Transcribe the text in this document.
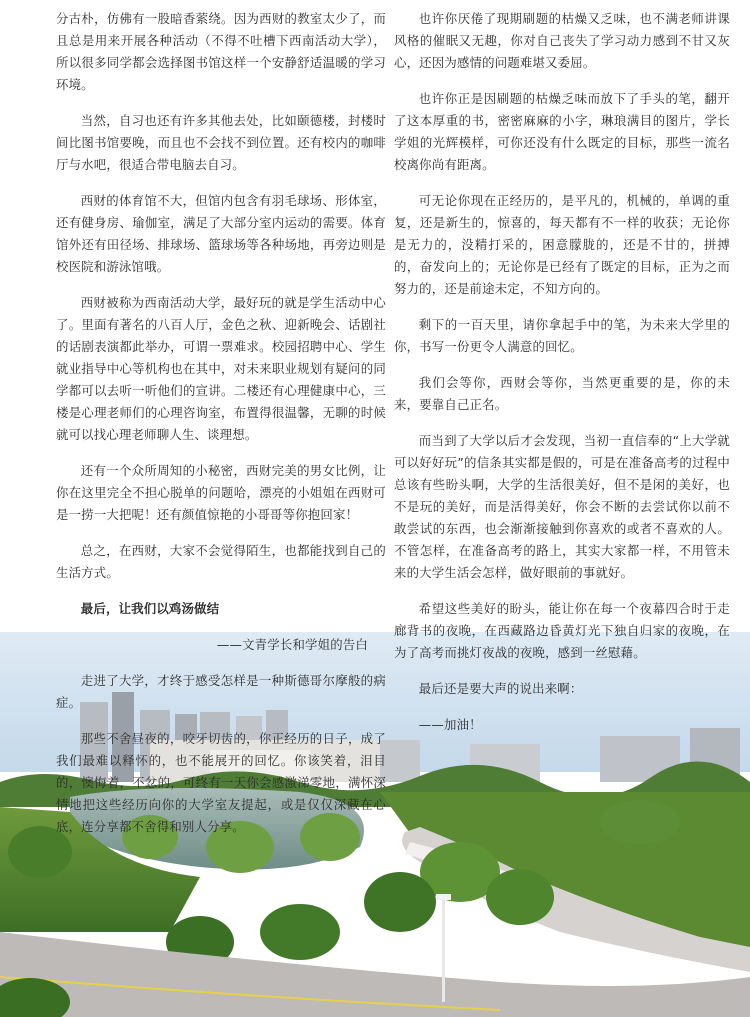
分古朴，仿佛有一股暗香萦绕。因为西财的教室太少了，而且总是用来开展各种活动（不得不吐槽下西南活动大学），所以很多同学都会选择图书馆这样一个安静舒适温暖的学习环境。

当然，自习也还有许多其他去处，比如颐德楼，封楼时间比图书馆要晚，而且也不会找不到位置。还有校内的咖啡厅与水吧，很适合带电脑去自习。

西财的体育馆不大，但馆内包含有羽毛球场、形体室，还有健身房、瑜伽室，满足了大部分室内运动的需要。体育馆外还有田径场、排球场、篮球场等各种场地，再旁边则是校医院和游泳馆哦。

西财被称为西南活动大学，最好玩的就是学生活动中心了。里面有著名的八百人厅，金色之秋、迎新晚会、话剧社的话剧表演都此举办，可谓一票难求。校园招聘中心、学生就业指导中心等机构也在其中，对未来职业规划有疑问的同学都可以去听一听他们的宣讲。二楼还有心理健康中心，三楼是心理老师们的心理咨询室，布置得很温馨，无聊的时候就可以找心理老师聊人生、谈理想。

还有一个众所周知的小秘密，西财完美的男女比例，让你在这里完全不担心脱单的问题哈，漂亮的小姐姐在西财可是一捞一大把呢！还有颜值惊艳的小哥哥等你抱回家！

总之，在西财，大家不会觉得陌生，也都能找到自己的生活方式。

最后，让我们以鸡汤做结

——文青学长和学姐的告白

走进了大学，才终于感受怎样是一种斯德哥尔摩般的病症。

那些不舍昼夜的，咬牙切齿的，你正经历的日子，成了我们最难以释怀的，也不能展开的回忆。你该笑着，泪目的，懊悔着，不忿的，可终有一天你会感激涕零地，满怀深情地把这些经历向你的大学室友提起，或是仅仅深藏在心底，连分享都不舍得和别人分享。

也许你厌倦了现期刷题的枯燥又乏味，也不满老师讲课风格的催眠又无趣，你对自己丧失了学习动力感到不甘又灰心，还因为感情的问题难堪又委屈。

也许你正是因刷题的枯燥乏味而放下了手头的笔，翻开了这本厚重的书，密密麻麻的小字，琳琅满目的图片，学长学姐的光辉模样，可你还没有什么既定的目标，那些一流名校离你尚有距离。

可无论你现在正经历的，是平凡的，机械的，单调的重复，还是新生的，惊喜的，每天都有不一样的收获；无论你是无力的，没精打采的，困意朦胧的，还是不甘的，拼搏的，奋发向上的；无论你是已经有了既定的目标，正为之而努力的，还是前途未定，不知方向的。

剩下的一百天里，请你拿起手中的笔，为未来大学里的你，书写一份更令人满意的回忆。

我们会等你，西财会等你，当然更重要的是，你的未来，要靠自己正名。

而当到了大学以后才会发现，当初一直信奉的“上大学就可以好好玩”的信条其实都是假的，可是在准备高考的过程中总该有些盼头啊，大学的生活很美好，但不是闲的美好，也不是玩的美好，而是活得美好，你会不断的去尝试你以前不敢尝试的东西，也会渐渐接触到你喜欢的或者不喜欢的人。不管怎样，在准备高考的路上，其实大家都一样，不用管未来的大学生活会怎样，做好眼前的事就好。

希望这些美好的盼头，能让你在每一个夜幕四合时于走廊背书的夜晚，在西藏路边昏黄灯光下独自归家的夜晚，在为了高考而挑灯夜战的夜晚，感到一丝慰藉。

最后还是要大声的说出来啊：

——加油！
